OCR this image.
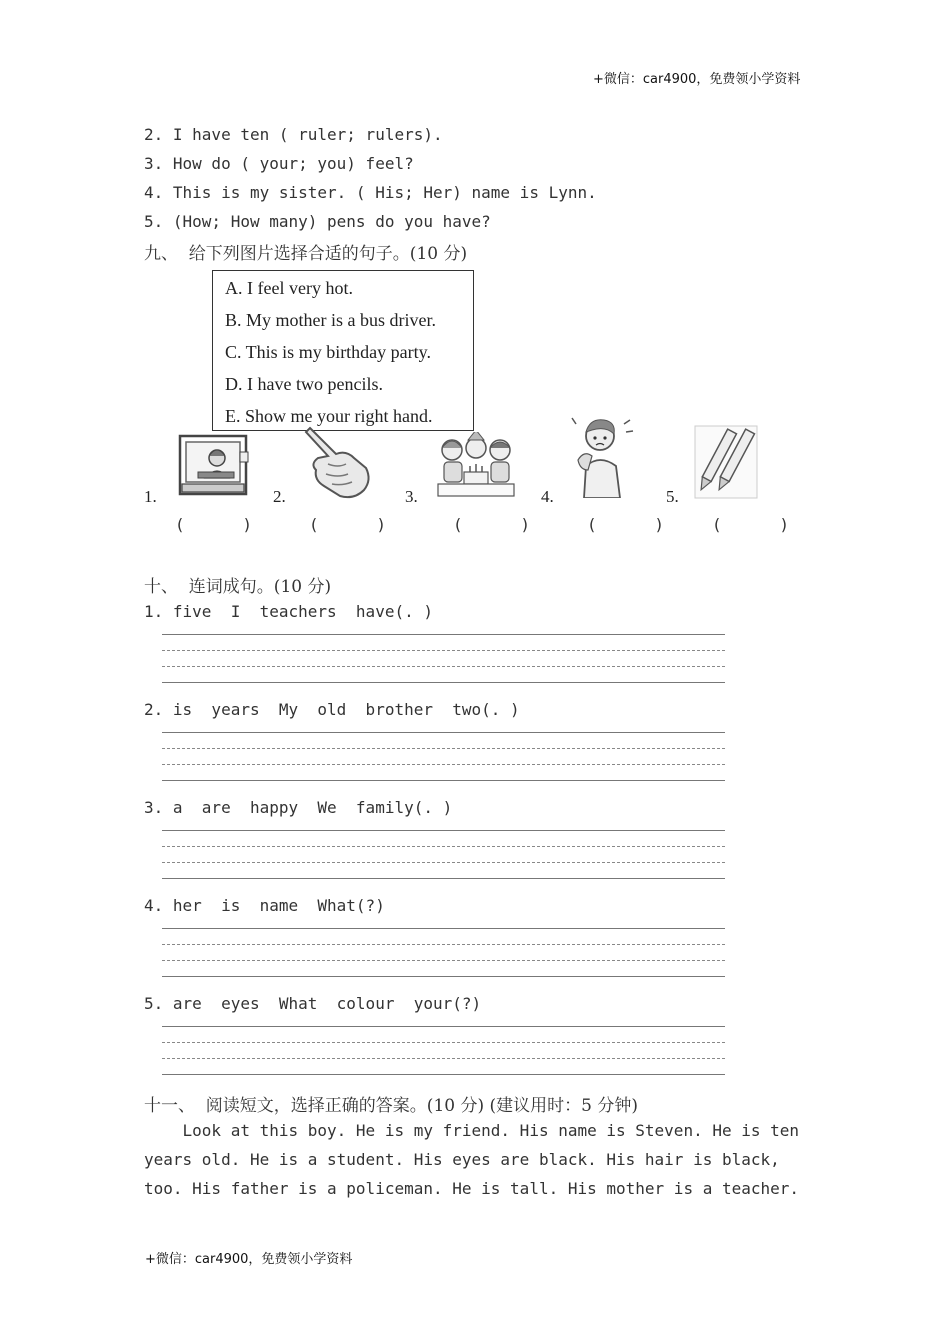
+微信：car4900，免费领小学资料
+微信：car4900，免费领小学资料
2. I have ten ( ruler; rulers).
3. How do ( your; you) feel?
4. This is my sister. ( His; Her) name is Lynn.
5. (How; How many) pens do you have?
九、  给下列图片选择合适的句子。(10 分)
A. I feel very hot.
B. My mother is a bus driver.
C. This is my birthday party.
D. I have two pencils.
E. Show me your right hand.
1.	2.	3.	4.	5.
(      )	(      )	(      )	(      )	(      )
十、  连词成句。(10 分)
1. five  I  teachers  have(. )
2. is  years  My  old  brother  two(. )
3. a  are  happy  We  family(. )
4. her  is  name  What(?)
5. are  eyes  What  colour  your(?)
十一、  阅读短文，选择正确的答案。(10 分) (建议用时：5 分钟)
Look at this boy. He is my friend. His name is Steven. He is ten
years old. He is a student. His eyes are black. His hair is black,
too. His father is a policeman. He is tall. His mother is a teacher.
